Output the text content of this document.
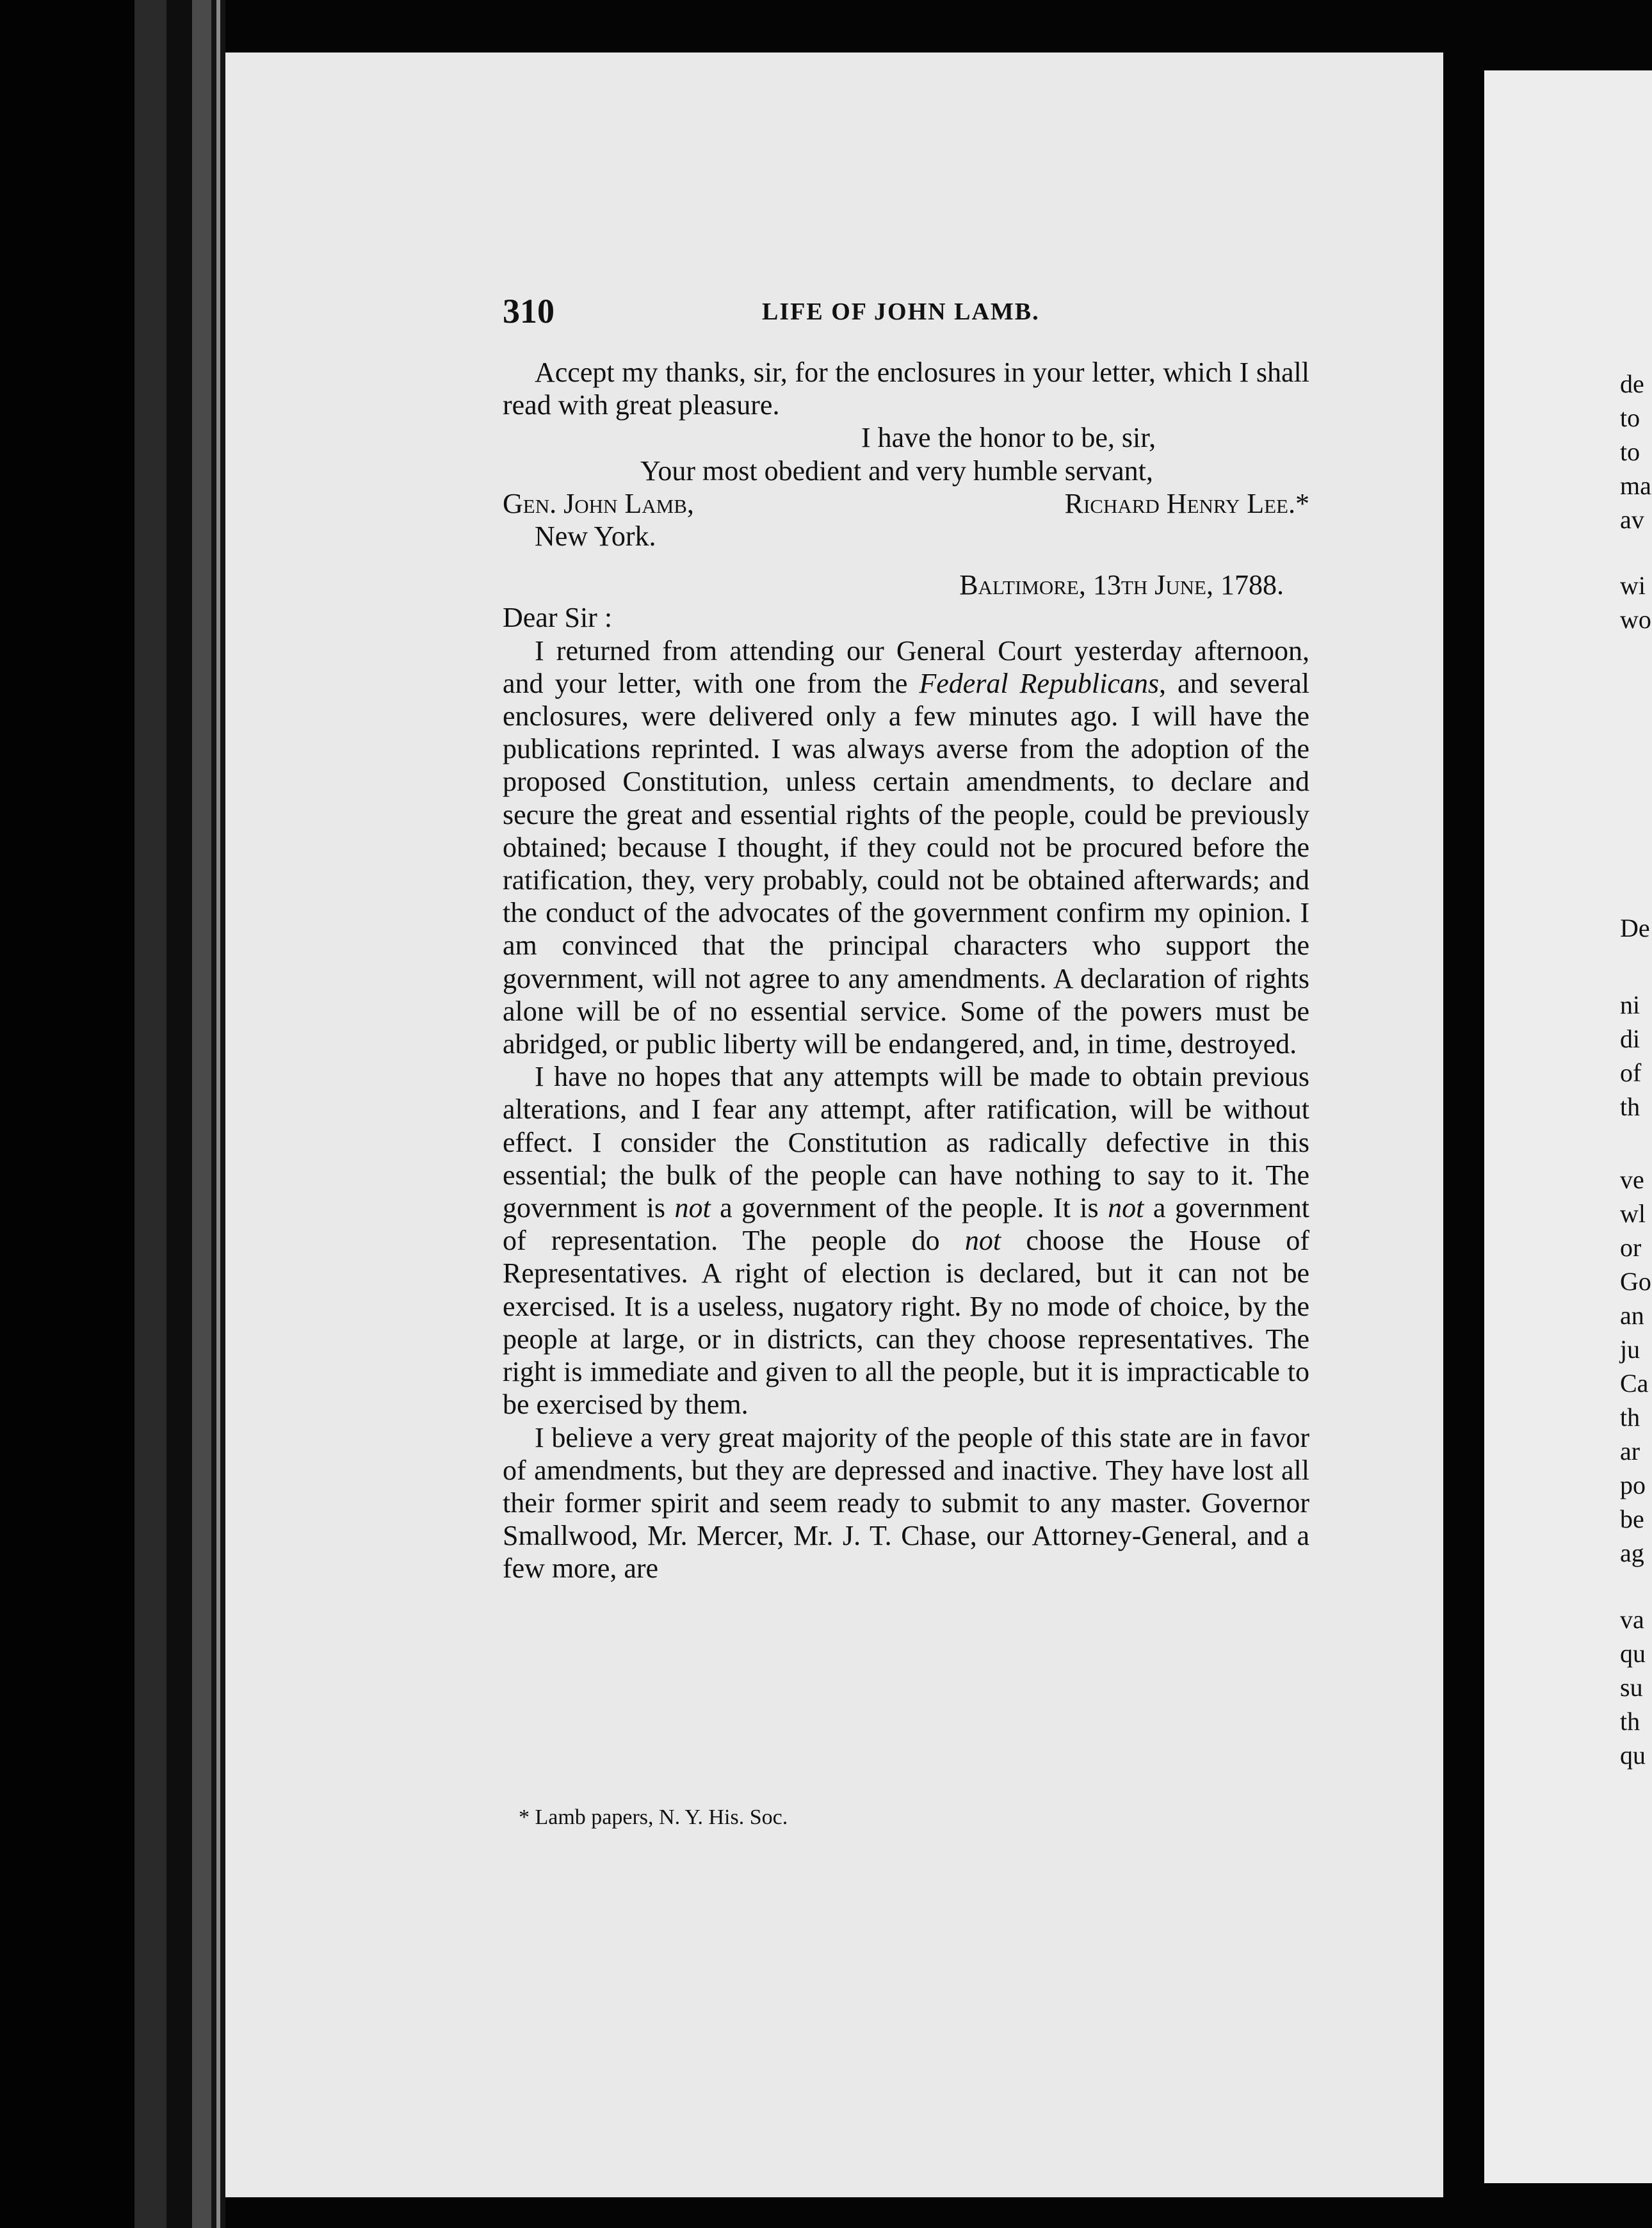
310	LIFE OF JOHN LAMB.

Accept my thanks, sir, for the enclosures in your letter, which I shall read with great pleasure.

I have the honor to be, sir,

Your most obedient and very humble servant,

Gen. John Lamb,	Richard Henry Lee.*

New York.

Baltimore, 13th June, 1788.

Dear Sir :

I returned from attending our General Court yesterday afternoon, and your letter, with one from the Federal Republicans, and several enclosures, were delivered only a few minutes ago. I will have the publications reprinted. I was always averse from the adoption of the proposed Constitution, unless certain amendments, to declare and secure the great and essential rights of the people, could be previously obtained; because I thought, if they could not be procured before the ratification, they, very probably, could not be obtained afterwards; and the conduct of the advocates of the government confirm my opinion. I am convinced that the principal characters who support the government, will not agree to any amendments. A declaration of rights alone will be of no essential service. Some of the powers must be abridged, or public liberty will be endangered, and, in time, destroyed.

I have no hopes that any attempts will be made to obtain previous alterations, and I fear any attempt, after ratification, will be without effect. I consider the Constitution as radically defective in this essential; the bulk of the people can have nothing to say to it. The government is not a government of the people. It is not a government of representation. The people do not choose the House of Representatives. A right of election is declared, but it can not be exercised. It is a useless, nugatory right. By no mode of choice, by the people at large, or in districts, can they choose representatives. The right is immediate and given to all the people, but it is impracticable to be exercised by them.

I believe a very great majority of the people of this state are in favor of amendments, but they are depressed and inactive. They have lost all their former spirit and seem ready to submit to any master. Governor Smallwood, Mr. Mercer, Mr. J. T. Chase, our Attorney-General, and a few more, are

* Lamb papers, N. Y. His. Soc.
de
to
to
ma
av
wi
wo
De
ni
di
of
th
ve
wl
or
Go
an
ju
Ca
th
ar
po
be
ag
va
qu
su
th
qu
